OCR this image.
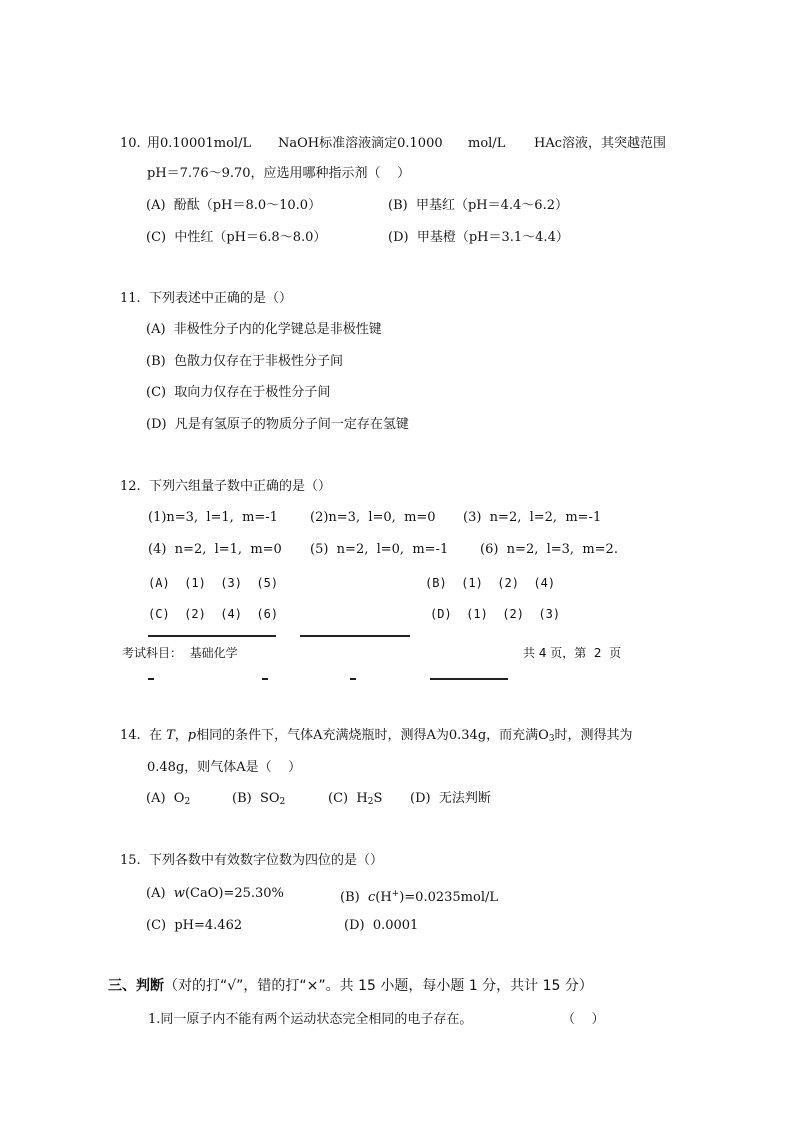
10. 用0.10001mol/L NaOH标准溶液滴定0.1000 mol/L HAc溶液，其突越范围
pH＝7.76～9.70，应选用哪种指示剂（    ）
(A)  酚酞（pH＝8.0～10.0）	(B)  甲基红（pH＝4.4～6.2）
(C)  中性红（pH＝6.8～8.0）	(D)  甲基橙（pH＝3.1～4.4）
11.  下列表述中正确的是（）
(A)  非极性分子内的化学键总是非极性键
(B)  色散力仅存在于非极性分子间
(C)  取向力仅存在于极性分子间
(D)  凡是有氢原子的物质分子间一定存在氢键
12.  下列六组量子数中正确的是（）
(1)n=3,  l=1,  m=-1 (2)n=3,  l=0,  m=0 (3)  n=2,  l=2,  m=-1
(4)  n=2,  l=1,  m=0 (5)  n=2,  l=0,  m=-1 (6)  n=2,  l=3,  m=2.
(A)  (1)  (3)  (5)	(B)  (1)  (2)  (4)
(C)  (2)  (4)  (6)	(D)  (1)  (2)  (3)
考试科目：  基础化学	共 4 页，第  2  页
14.  在 T，p相同的条件下，气体A充满烧瓶时，测得A为0.34g，而充满$O_3$时，测得其为
0.48g，则气体A是（    ）
(A)  $O_2$	(B)  $SO_2$	(C)  $H_2S$ (D)  无法判断
15.  下列各数中有效数字位数为四位的是（）
(A)  w(CaO)=25.30%	(B)  c(H+)=0.0235mol/L
(C)  pH=4.462	(D)  0.0001
三、判断（对的打“√”，错的打“×”。共 15 小题，每小题 1 分，共计 15 分）
1.同一原子内不能有两个运动状态完全相同的电子存在。	（    ）
